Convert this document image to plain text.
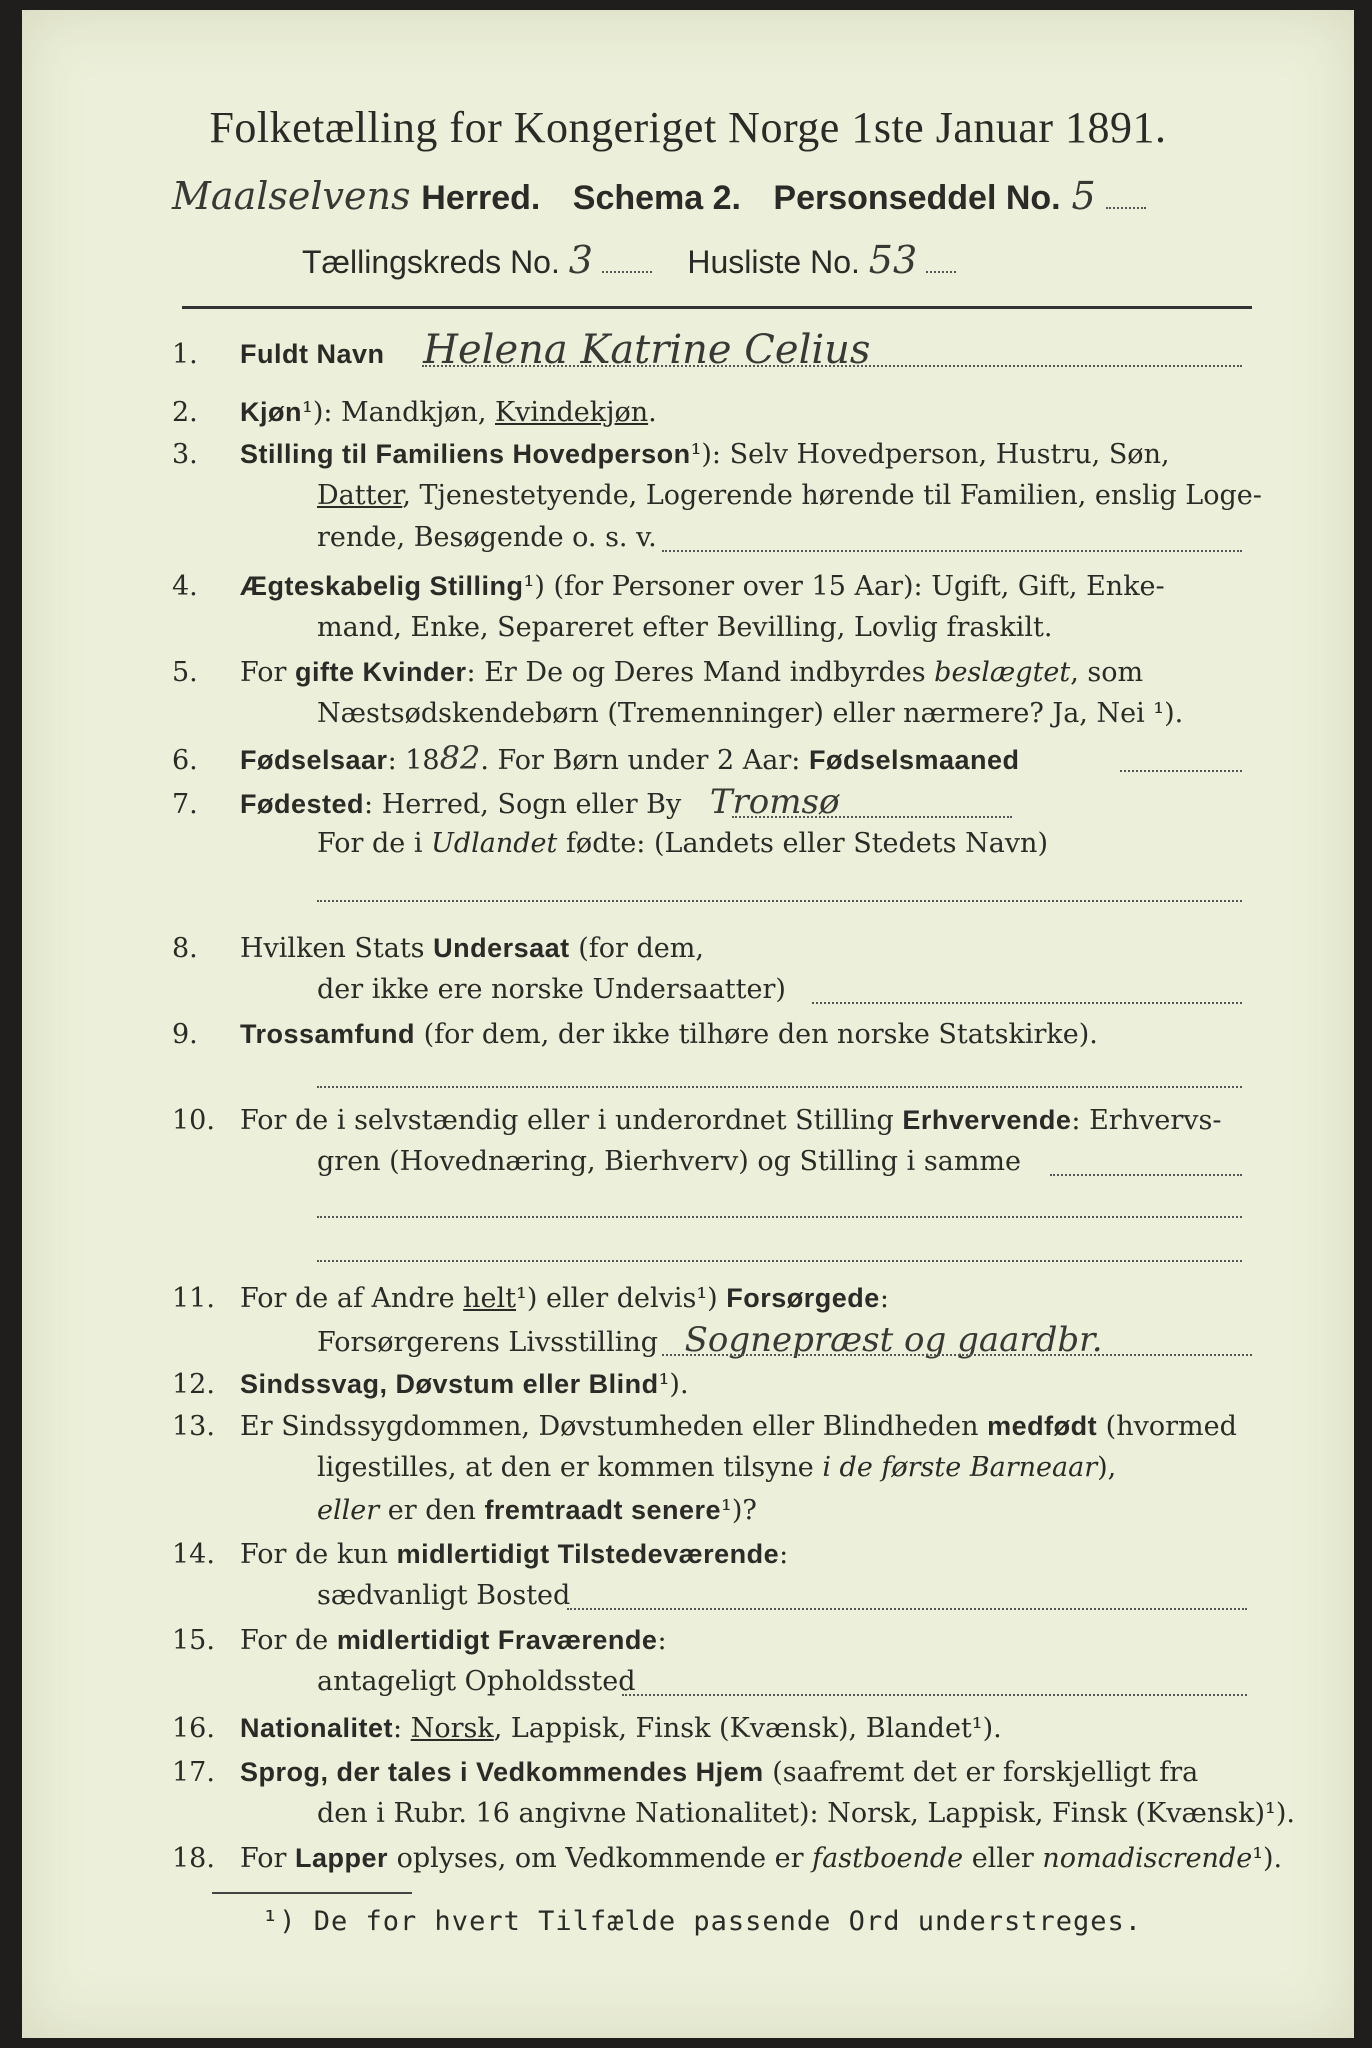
Folketælling for Kongeriget Norge 1ste Januar 1891.
Maalselvens Herred. Schema 2. Personseddel No. 5
Tællingskreds No. 3	Husliste No. 53
1. Fuldt Navn Helena Katrine Celius
2. Kjøn¹): Mandkjøn, Kvindekjøn.
3. Stilling til Familiens Hovedperson¹): Selv Hovedperson, Hustru, Søn,
Datter, Tjenestetyende, Logerende hørende til Familien, enslig Loge-
rende, Besøgende o. s. v.
4. Ægteskabelig Stilling¹) (for Personer over 15 Aar): Ugift, Gift, Enke-
mand, Enke, Separeret efter Bevilling, Lovlig fraskilt.
5. For gifte Kvinder: Er De og Deres Mand indbyrdes beslægtet, som
Næstsødskendebørn (Tremenninger) eller nærmere? Ja, Nei ¹).
6. Fødselsaar: 1882. For Børn under 2 Aar: Fødselsmaaned
7. Fødested: Herred, Sogn eller By Tromsø
For de i Udlandet fødte: (Landets eller Stedets Navn)
8. Hvilken Stats Undersaat (for dem,
der ikke ere norske Undersaatter)
9. Trossamfund (for dem, der ikke tilhøre den norske Statskirke).
10. For de i selvstændig eller i underordnet Stilling Erhvervende: Erhvervs-
gren (Hovednæring, Bierhverv) og Stilling i samme
11. For de af Andre helt¹) eller delvis¹) Forsørgede:
Forsørgerens Livsstilling Sognepræst og gaardbr.
12. Sindssvag, Døvstum eller Blind¹).
13. Er Sindssygdommen, Døvstumheden eller Blindheden medfødt (hvormed
ligestilles, at den er kommen tilsyne i de første Barneaar),
eller er den fremtraadt senere¹)?
14. For de kun midlertidigt Tilstedeværende:
sædvanligt Bosted
15. For de midlertidigt Fraværende:
antageligt Opholdssted
16. Nationalitet: Norsk, Lappisk, Finsk (Kvænsk), Blandet¹).
17. Sprog, der tales i Vedkommendes Hjem (saafremt det er forskjelligt fra
den i Rubr. 16 angivne Nationalitet): Norsk, Lappisk, Finsk (Kvænsk)¹).
18. For Lapper oplyses, om Vedkommende er fastboende eller nomadiscrende¹).
¹) De for hvert Tilfælde passende Ord understreges.
